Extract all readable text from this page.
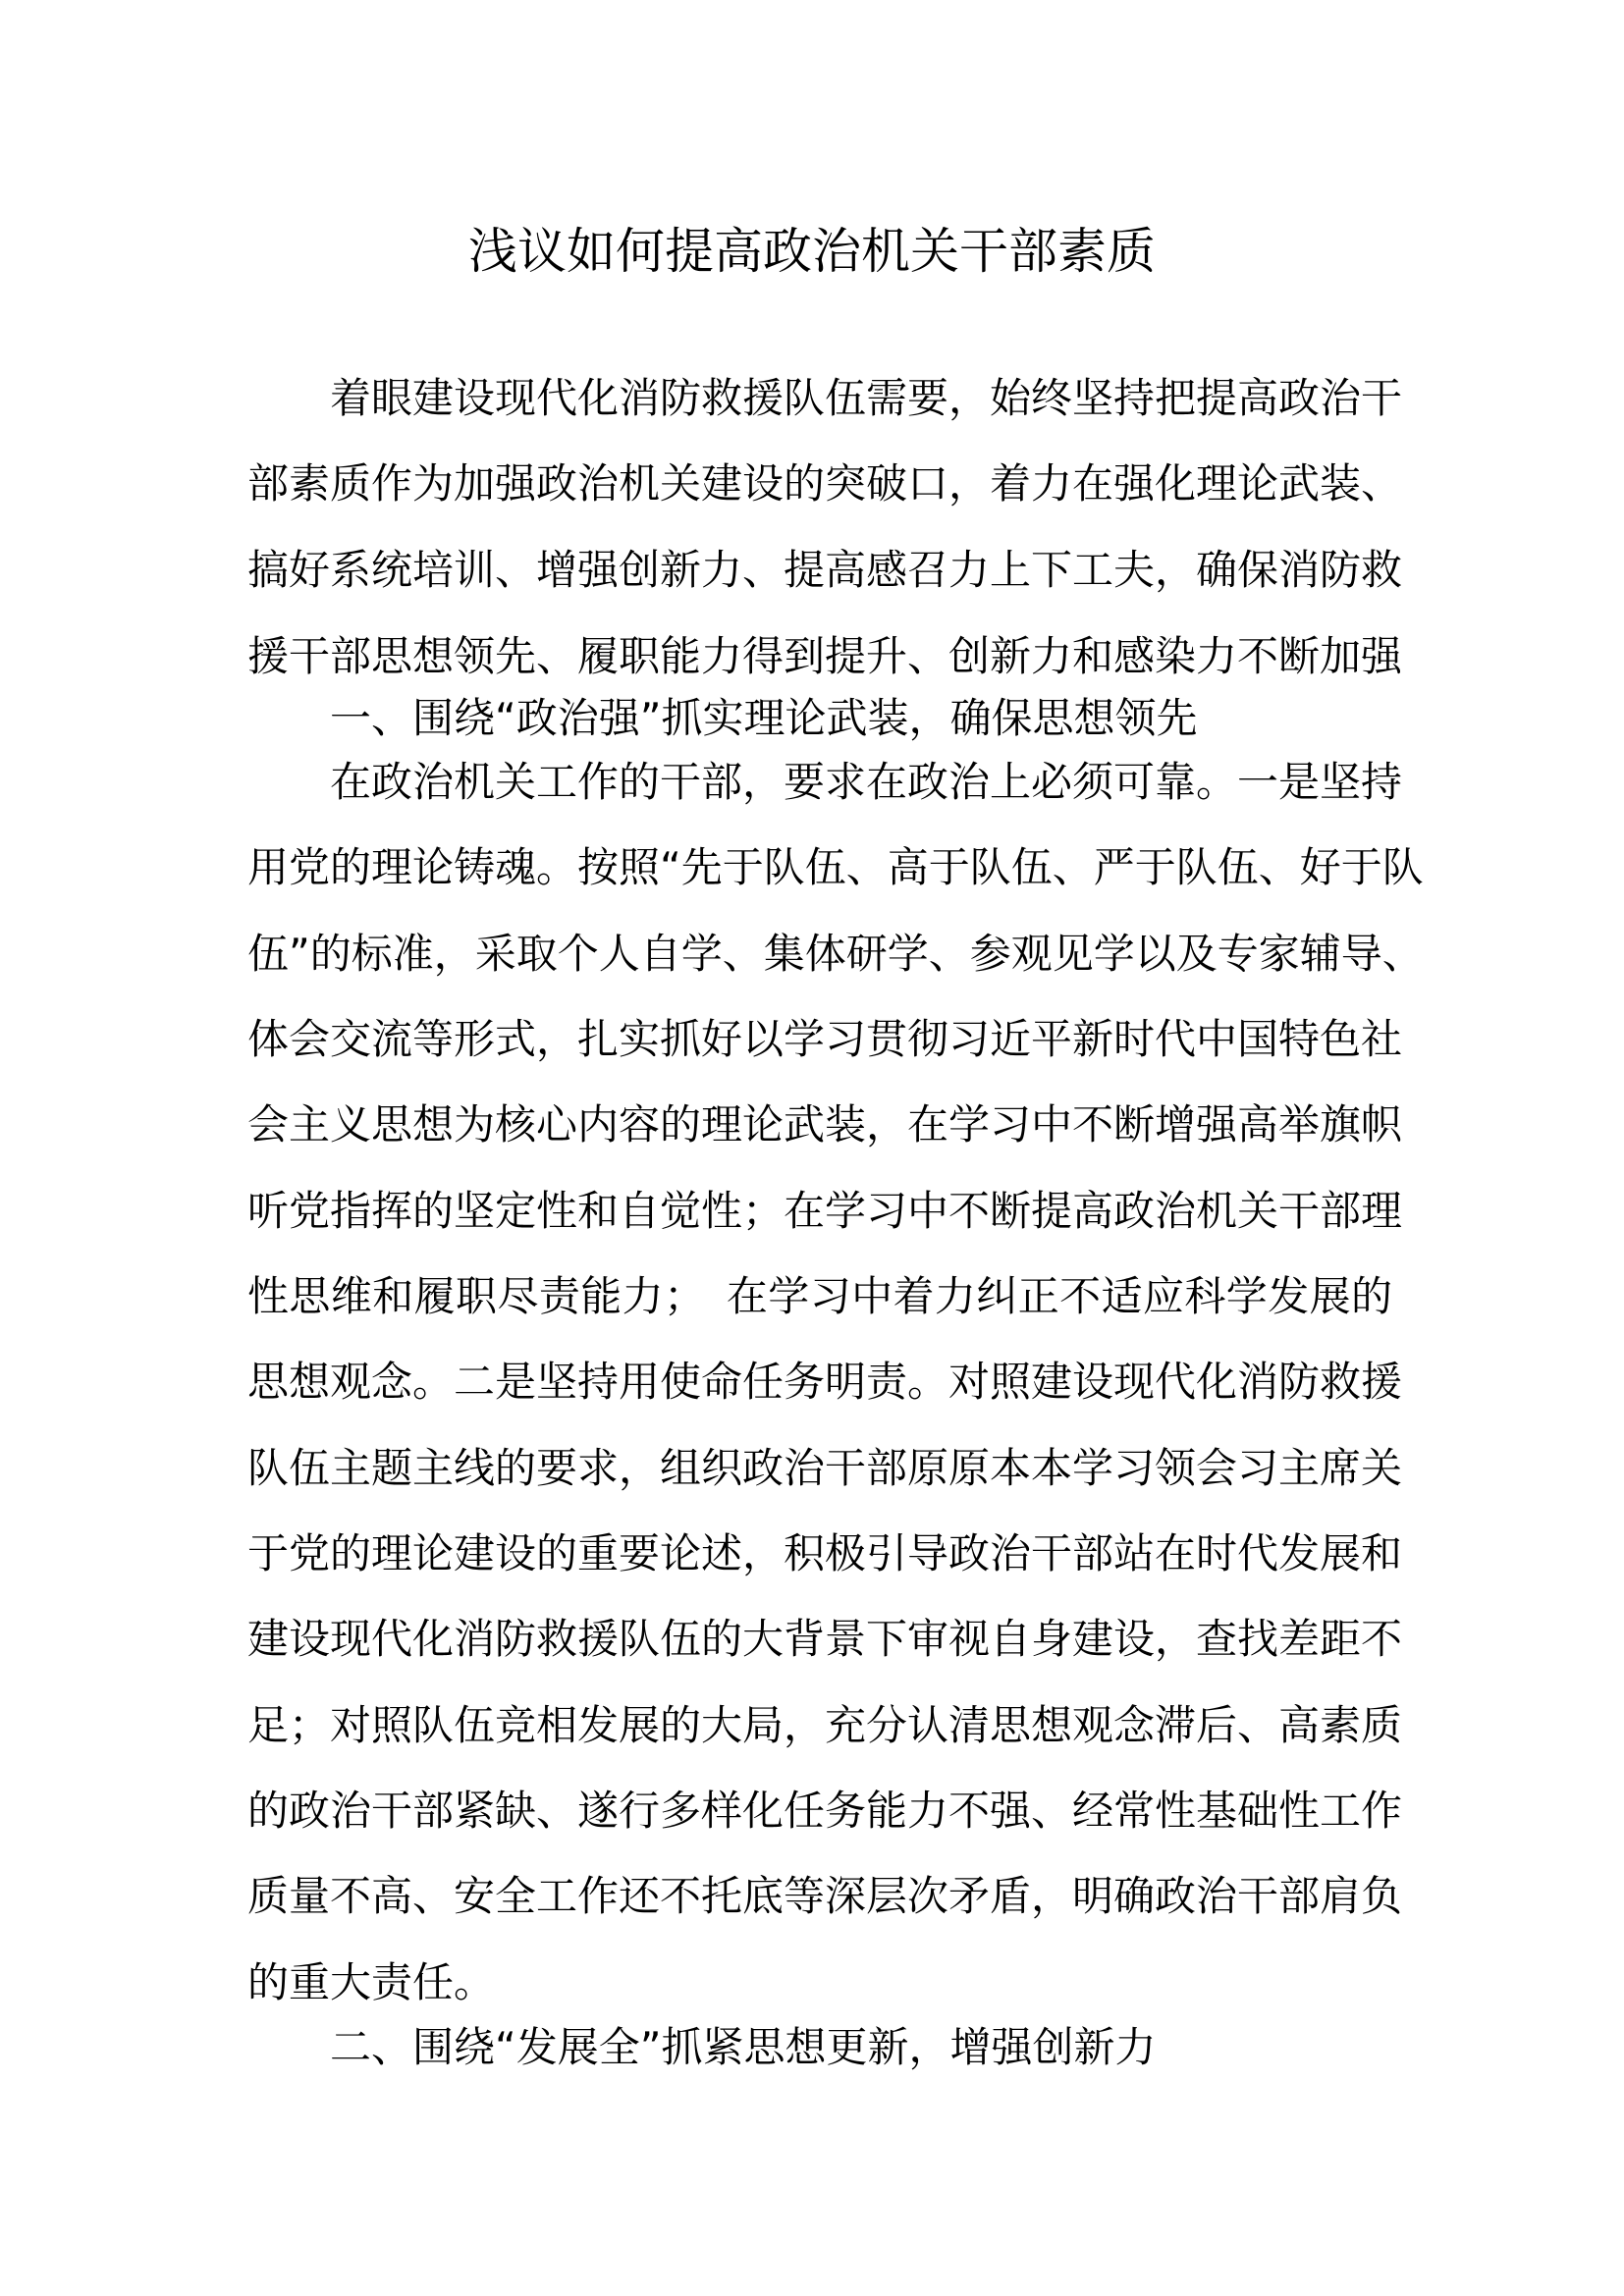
浅议如何提高政治机关干部素质
着眼建设现代化消防救援队伍需要，始终坚持把提高政治干
部素质作为加强政治机关建设的突破口，着力在强化理论武装、
搞好系统培训、增强创新力、提高感召力上下工夫，确保消防救
援干部思想领先、履职能力得到提升、创新力和感染力不断加强
一、围绕“政治强”抓实理论武装，确保思想领先
在政治机关工作的干部，要求在政治上必须可靠。一是坚持
用党的理论铸魂。按照“先于队伍、高于队伍、严于队伍、好于队
伍”的标准，采取个人自学、集体研学、参观见学以及专家辅导、
体会交流等形式，扎实抓好以学习贯彻习近平新时代中国特色社
会主义思想为核心内容的理论武装，在学习中不断增强高举旗帜
听党指挥的坚定性和自觉性；在学习中不断提高政治机关干部理
性思维和履职尽责能力；　在学习中着力纠正不适应科学发展的
思想观念。二是坚持用使命任务明责。对照建设现代化消防救援
队伍主题主线的要求，组织政治干部原原本本学习领会习主席关
于党的理论建设的重要论述，积极引导政治干部站在时代发展和
建设现代化消防救援队伍的大背景下审视自身建设，查找差距不
足；对照队伍竞相发展的大局，充分认清思想观念滞后、高素质
的政治干部紧缺、遂行多样化任务能力不强、经常性基础性工作
质量不高、安全工作还不托底等深层次矛盾，明确政治干部肩负
的重大责任。
二、围绕“发展全”抓紧思想更新，增强创新力
